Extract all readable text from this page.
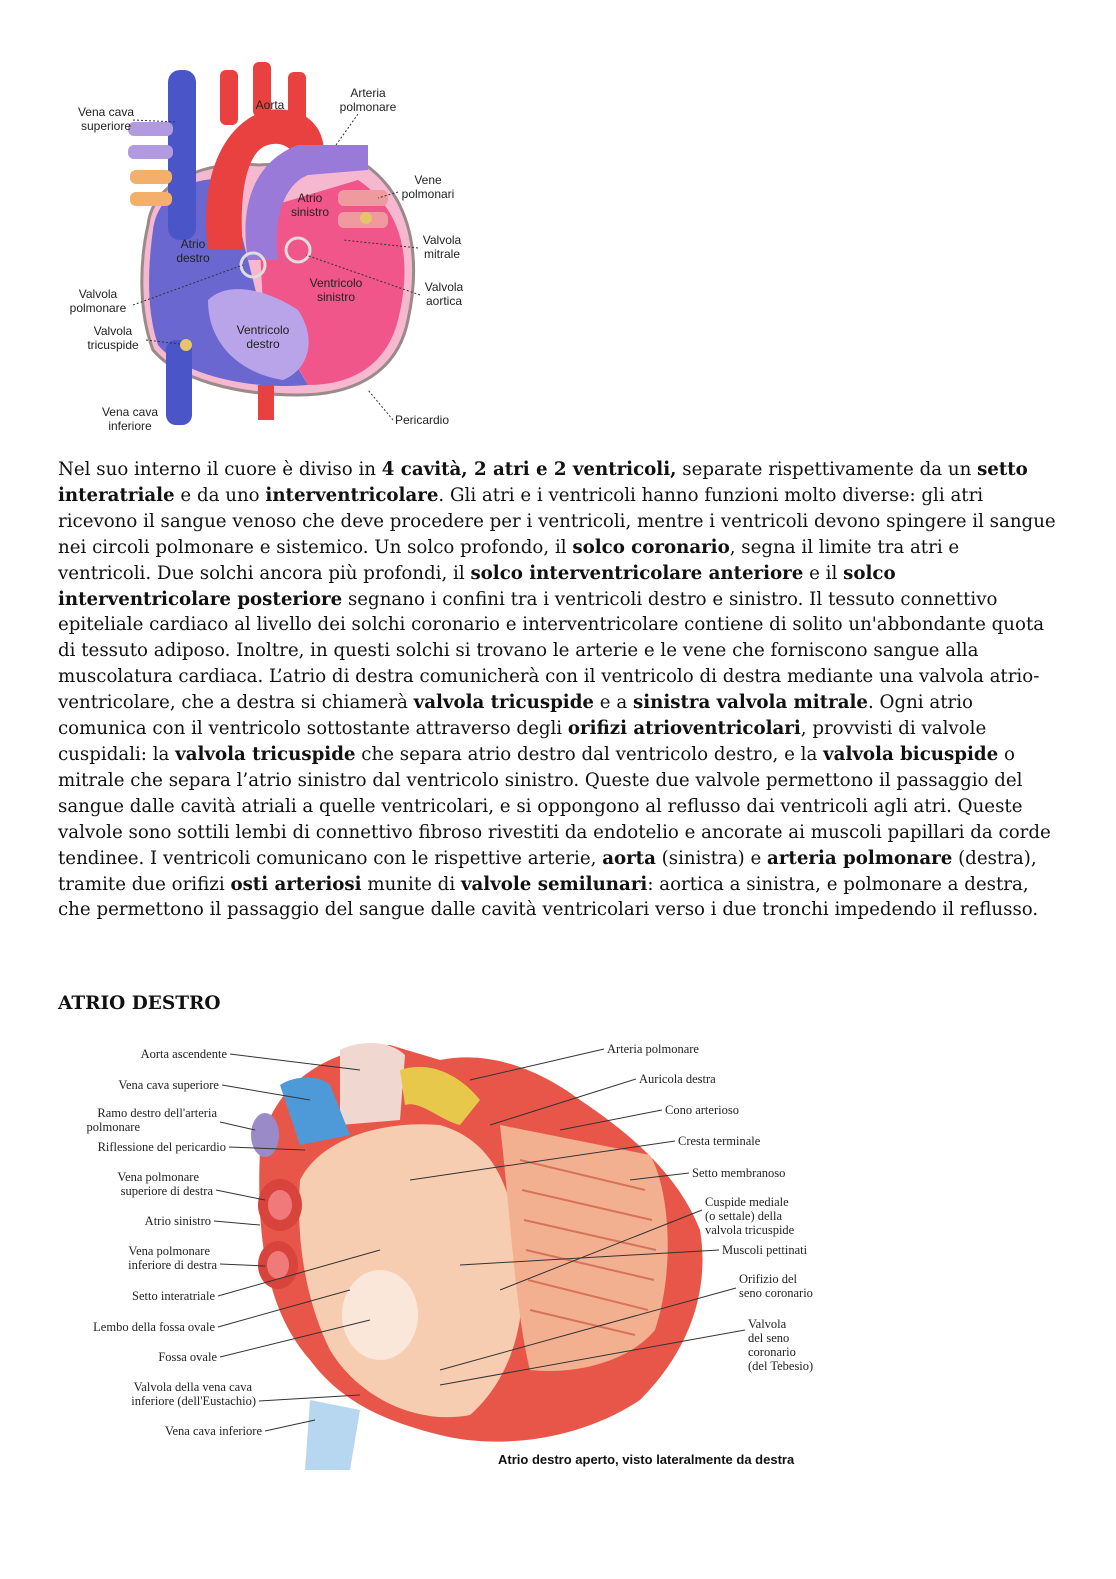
Vena cava superiore
Aorta
Arteria polmonare
Vene polmonari
Atrio sinistro
Atrio destro
Valvola mitrale
Valvola polmonare
Ventricolo sinistro
Valvola aortica
Valvola tricuspide
Ventricolo destro
Vena cava inferiore	Pericardio
Nel suo interno il cuore è diviso in 4 cavità, 2 atri e 2 ventricoli, separate rispettivamente da un setto interatriale e da uno interventricolare. Gli atri e i ventricoli hanno funzioni molto diverse: gli atri ricevono il sangue venoso che deve procedere per i ventricoli, mentre i ventricoli devono spingere il sangue nei circoli polmonare e sistemico. Un solco profondo, il solco coronario, segna il limite tra atri e ventricoli. Due solchi ancora più profondi, il solco interventricolare anteriore e il solco interventricolare posteriore segnano i confini tra i ventricoli destro e sinistro. Il tessuto connettivo epiteliale cardiaco al livello dei solchi coronario e interventricolare contiene di solito un'abbondante quota di tessuto adiposo. Inoltre, in questi solchi si trovano le arterie e le vene che forniscono sangue alla muscolatura cardiaca. L’atrio di destra comunicherà con il ventricolo di destra mediante una valvola atrio- ventricolare, che a destra si chiamerà valvola tricuspide e a sinistra valvola mitrale. Ogni atrio comunica con il ventricolo sottostante attraverso degli orifizi atrioventricolari, provvisti di valvole cuspidali: la valvola tricuspide che separa atrio destro dal ventricolo destro, e la valvola bicuspide o mitrale che separa l’atrio sinistro dal ventricolo sinistro. Queste due valvole permettono il passaggio del sangue dalle cavità atriali a quelle ventricolari, e si oppongono al reflusso dai ventricoli agli atri. Queste valvole sono sottili lembi di connettivo fibroso rivestiti da endotelio e ancorate ai muscoli papillari da corde tendinee. I ventricoli comunicano con le rispettive arterie, aorta (sinistra) e arteria polmonare (destra), tramite due orifizi osti arteriosi munite di valvole semilunari: aortica a sinistra, e polmonare a destra, che permettono il passaggio del sangue dalle cavità ventricolari verso i due tronchi impedendo il reflusso.
ATRIO DESTRO
Aorta ascendente
Vena cava superiore
Ramo destro dell'arteria polmonare
Riflessione del pericardio
Vena polmonare superiore di destra
Atrio sinistro
Vena polmonare inferiore di destra
Setto interatriale
Lembo della fossa ovale
Fossa ovale
Valvola della vena cava inferiore (dell'Eustachio)
Vena cava inferiore
Arteria polmonare
Auricola destra
Cono arterioso
Cresta terminale
Setto membranoso
Cuspide mediale (o settale) della valvola tricuspide
Muscoli pettinati
Orifizio del seno coronario
Valvola del seno coronario (del Tebesio)
Atrio destro aperto, visto lateralmente da destra
